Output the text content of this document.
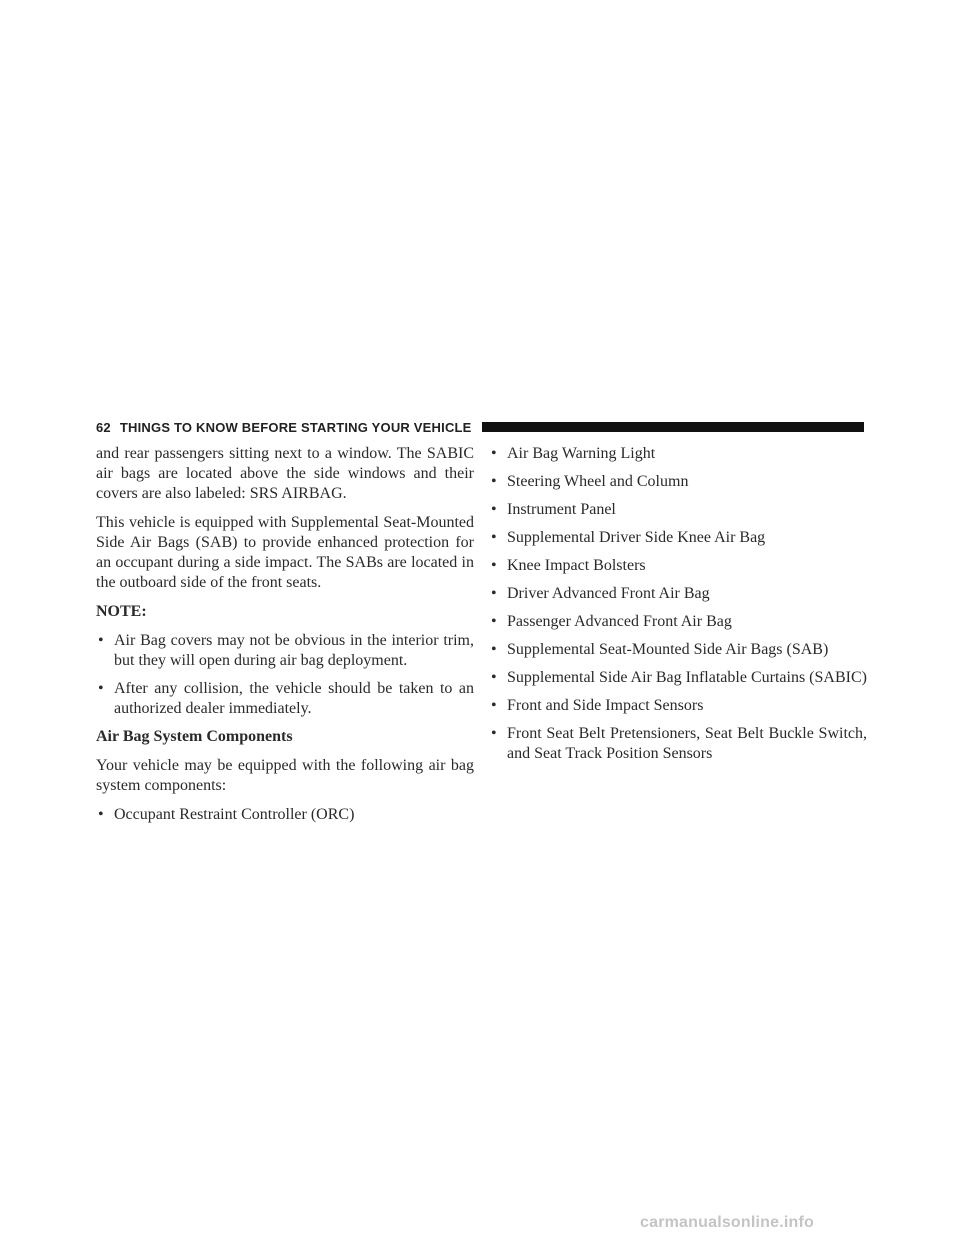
62 THINGS TO KNOW BEFORE STARTING YOUR VEHICLE

and rear passengers sitting next to a window. The SABIC air bags are located above the side windows and their covers are also labeled: SRS AIRBAG.

This vehicle is equipped with Supplemental Seat-Mounted Side Air Bags (SAB) to provide enhanced protection for an occupant during a side impact. The SABs are located in the outboard side of the front seats.

NOTE:
• Air Bag covers may not be obvious in the interior trim, but they will open during air bag deployment.
• After any collision, the vehicle should be taken to an authorized dealer immediately.
Air Bag System Components

Your vehicle may be equipped with the following air bag system components:

• Occupant Restraint Controller (ORC)
• Air Bag Warning Light
• Steering Wheel and Column
• Instrument Panel
• Supplemental Driver Side Knee Air Bag
• Knee Impact Bolsters
• Driver Advanced Front Air Bag
• Passenger Advanced Front Air Bag
• Supplemental Seat-Mounted Side Air Bags (SAB)
• Supplemental Side Air Bag Inflatable Curtains (SABIC)
• Front and Side Impact Sensors
• Front Seat Belt Pretensioners, Seat Belt Buckle Switch, and Seat Track Position Sensors
carmanualsonline.info
